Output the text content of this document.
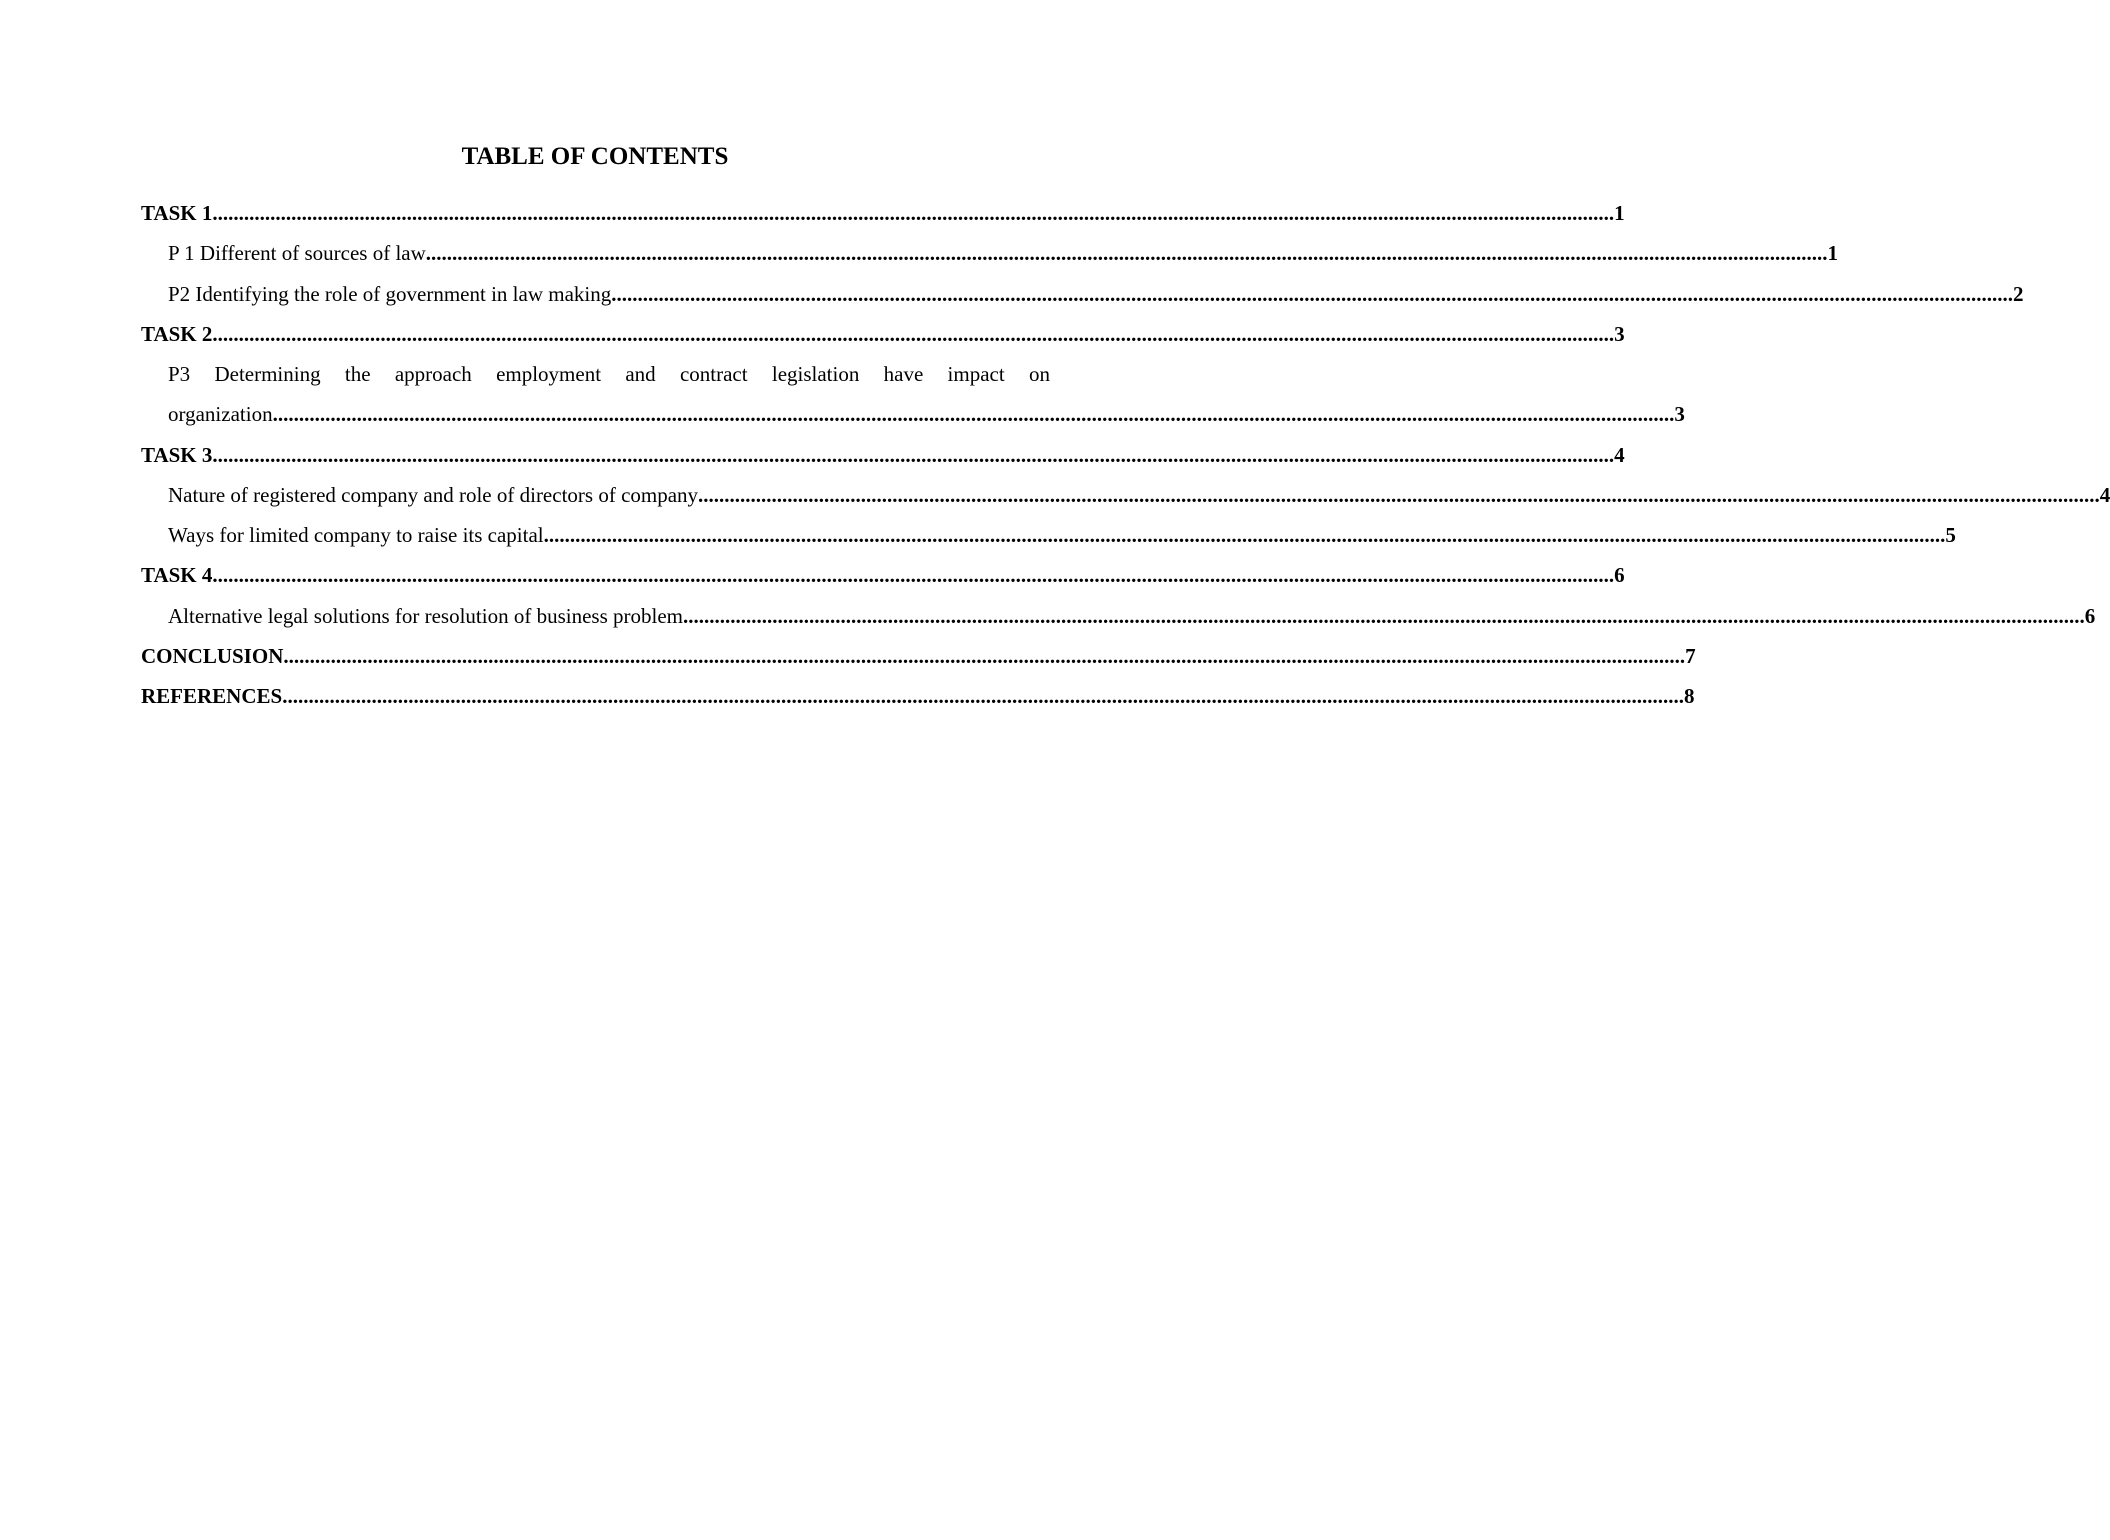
TABLE OF CONTENTS
TASK 1 ........................................................................................................................................................................................................................................................................... 1
P 1 Different of sources of law ........................................................................................................................................................................................................................................................................... 1
P2 Identifying the role of government in law making ........................................................................................................................................................................................................................................................................... 2
TASK 2 ........................................................................................................................................................................................................................................................................... 3
P3 Determining the approach employment and contract legislation have impact on
organization ........................................................................................................................................................................................................................................................................... 3
TASK 3 ........................................................................................................................................................................................................................................................................... 4
Nature of registered company and role of directors of company ........................................................................................................................................................................................................................................................................... 4
Ways for limited company to raise its capital ........................................................................................................................................................................................................................................................................... 5
TASK 4 ........................................................................................................................................................................................................................................................................... 6
Alternative legal solutions for resolution of business problem ........................................................................................................................................................................................................................................................................... 6
CONCLUSION ........................................................................................................................................................................................................................................................................... 7
REFERENCES ........................................................................................................................................................................................................................................................................... 8
